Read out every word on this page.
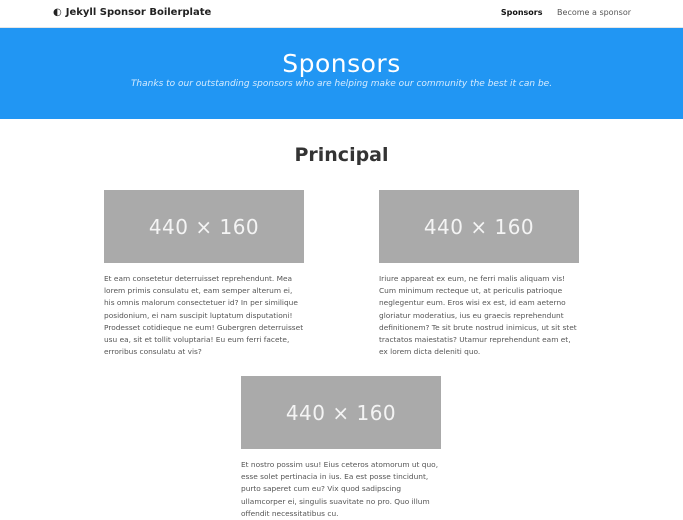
◐ Jekyll Sponsor Boilerplate	Sponsors Become a sponsor
Sponsors

Thanks to our outstanding sponsors who are helping make our community the best it can be.

Principal
440 × 160
Et eam consetetur deterruisset reprehendunt. Mea lorem primis consulatu et, eam semper alterum ei, his omnis malorum consectetuer id? In per similique posidonium, ei nam suscipit luptatum disputationi! Prodesset cotidieque ne eum! Gubergren deterruisset usu ea, sit et tollit voluptaria! Eu eum ferri facete, erroribus consulatu at vis?
440 × 160
Iriure appareat ex eum, ne ferri malis aliquam vis! Cum minimum recteque ut, at periculis patrioque neglegentur eum. Eros wisi ex est, id eam aeterno gloriatur moderatius, ius eu graecis reprehendunt definitionem? Te sit brute nostrud inimicus, ut sit stet tractatos maiestatis? Utamur reprehendunt eam et, ex lorem dicta deleniti quo.
440 × 160
Et nostro possim usu! Eius ceteros atomorum ut quo, esse solet pertinacia in ius. Ea est posse tincidunt, purto saperet cum eu? Vix quod sadipscing ullamcorper ei, singulis suavitate no pro. Quo illum offendit necessitatibus cu.
